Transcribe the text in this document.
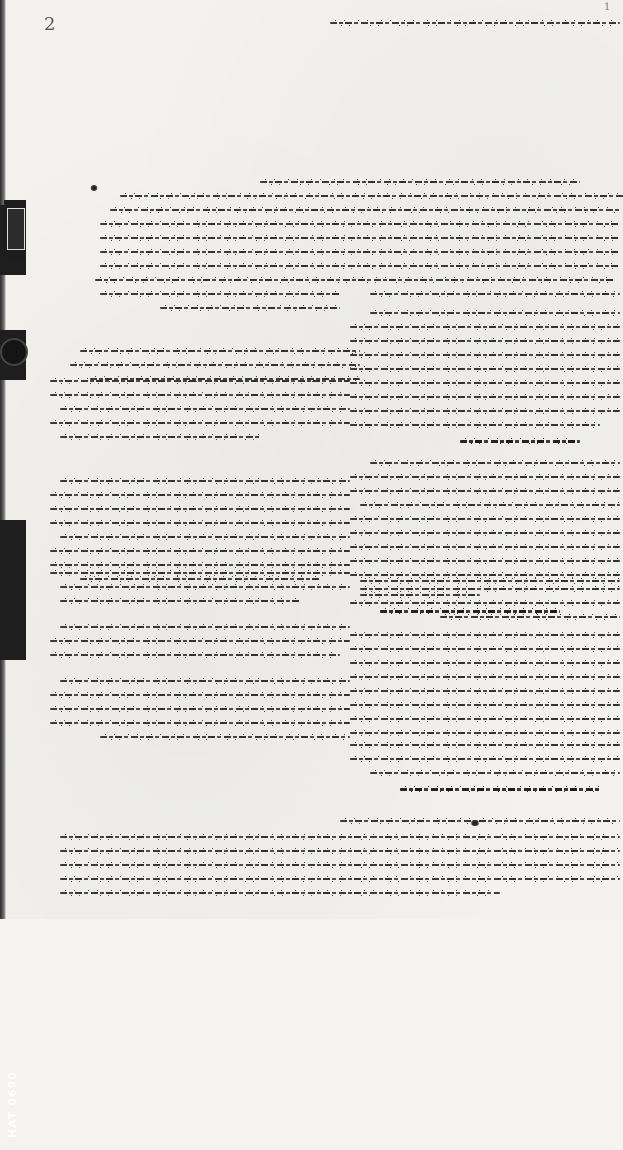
HAT 0690
2
1
